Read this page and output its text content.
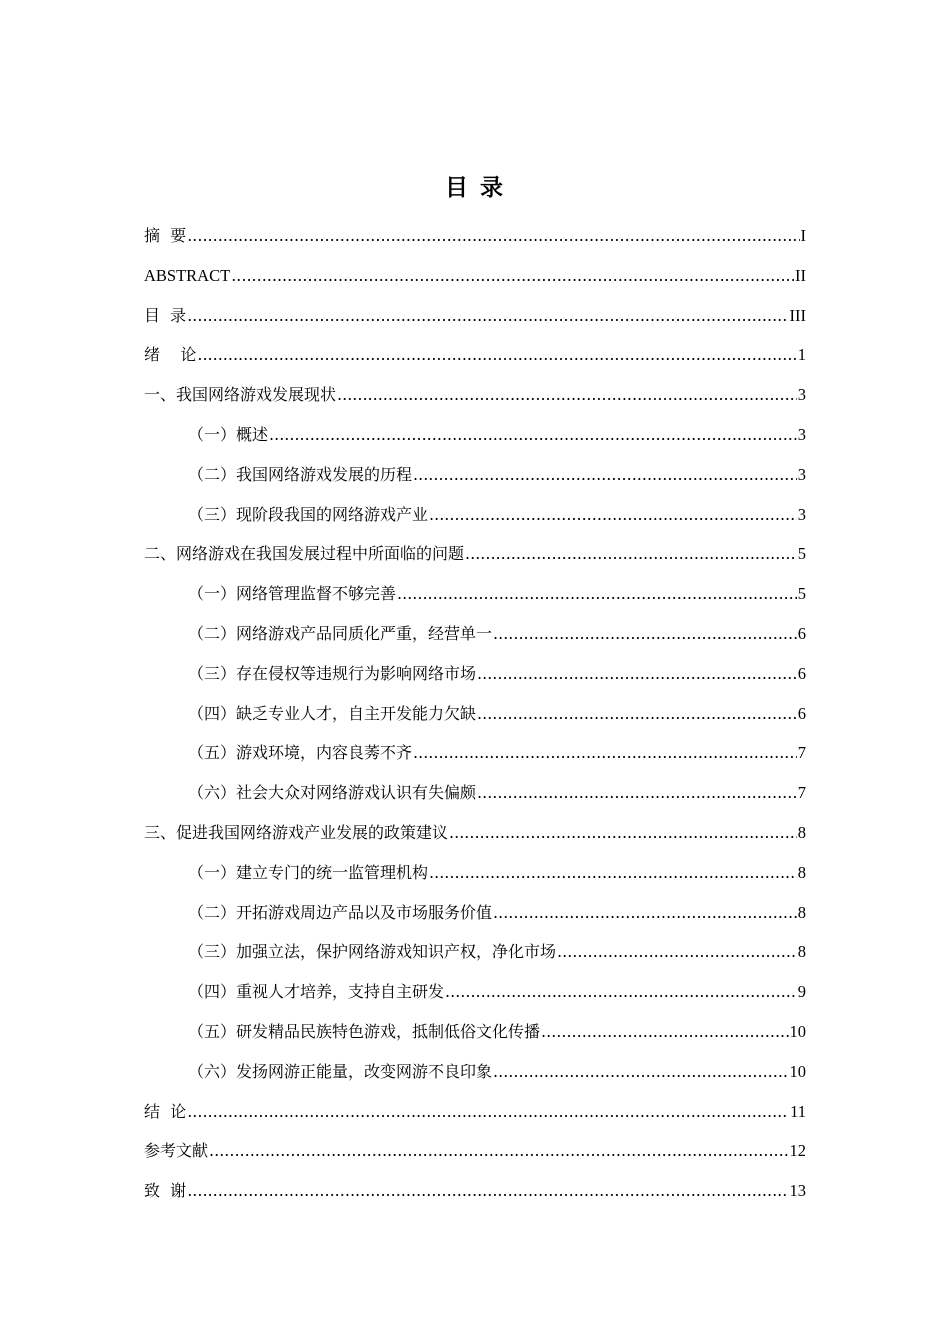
目 录
摘  要 .....	I
ABSTRACT .....	II
目  录 .....	III
绪    论 .....	1
一、我国网络游戏发展现状 .....	3
（一）概述 .....	3
（二）我国网络游戏发展的历程 .....	3
（三）现阶段我国的网络游戏产业 .....	3
二、网络游戏在我国发展过程中所面临的问题 .....	5
（一）网络管理监督不够完善 .....	5
（二）网络游戏产品同质化严重，经营单一 .....	6
（三）存在侵权等违规行为影响网络市场 .....	6
（四）缺乏专业人才，自主开发能力欠缺 .....	6
（五）游戏环境，内容良莠不齐 .....	7
（六）社会大众对网络游戏认识有失偏颇 .....	7
三、促进我国网络游戏产业发展的政策建议 .....	8
（一）建立专门的统一监管理机构 .....	8
（二）开拓游戏周边产品以及市场服务价值 .....	8
（三）加强立法，保护网络游戏知识产权，净化市场 .....	8
（四）重视人才培养，支持自主研发 .....	9
（五）研发精品民族特色游戏，抵制低俗文化传播 .....	10
（六）发扬网游正能量，改变网游不良印象 .....	10
结  论 .....	11
参考文献 .....	12
致  谢 .....	13
